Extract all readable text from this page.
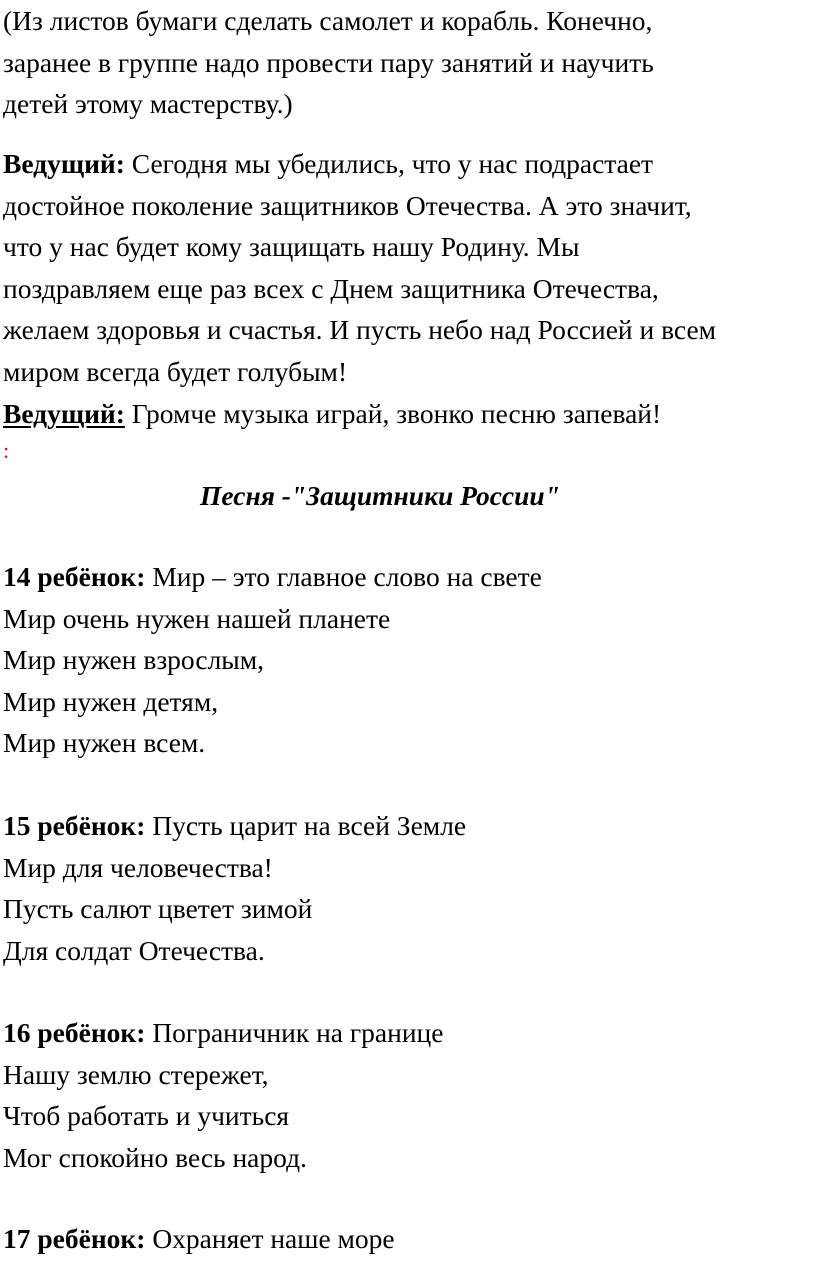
(Из листов бумаги сделать самолет и корабль. Конечно,
заранее в группе надо провести пару занятий и научить
детей этому мастерству.)
Ведущий: Сегодня мы убедились, что у нас подрастает
достойное поколение защитников Отечества. А это значит,
что у нас будет кому защищать нашу Родину. Мы
поздравляем еще раз всех с Днем защитника Отечества,
желаем здоровья и счастья. И пусть небо над Россией и всем
миром всегда будет голубым!
Ведущий: Громче музыка играй, звонко песню запевай!
:
Песня -"Защитники России"
14 ребёнок: Мир – это главное слово на свете
Мир очень нужен нашей планете
Мир нужен взрослым,
Мир нужен детям,
Мир нужен всем.
15 ребёнок: Пусть царит на всей Земле
Мир для человечества!
Пусть салют цветет зимой
Для солдат Отечества.
16 ребёнок: Пограничник на границе
Нашу землю стережет,
Чтоб работать и учиться
Мог спокойно весь народ.
17 ребёнок: Охраняет наше море
